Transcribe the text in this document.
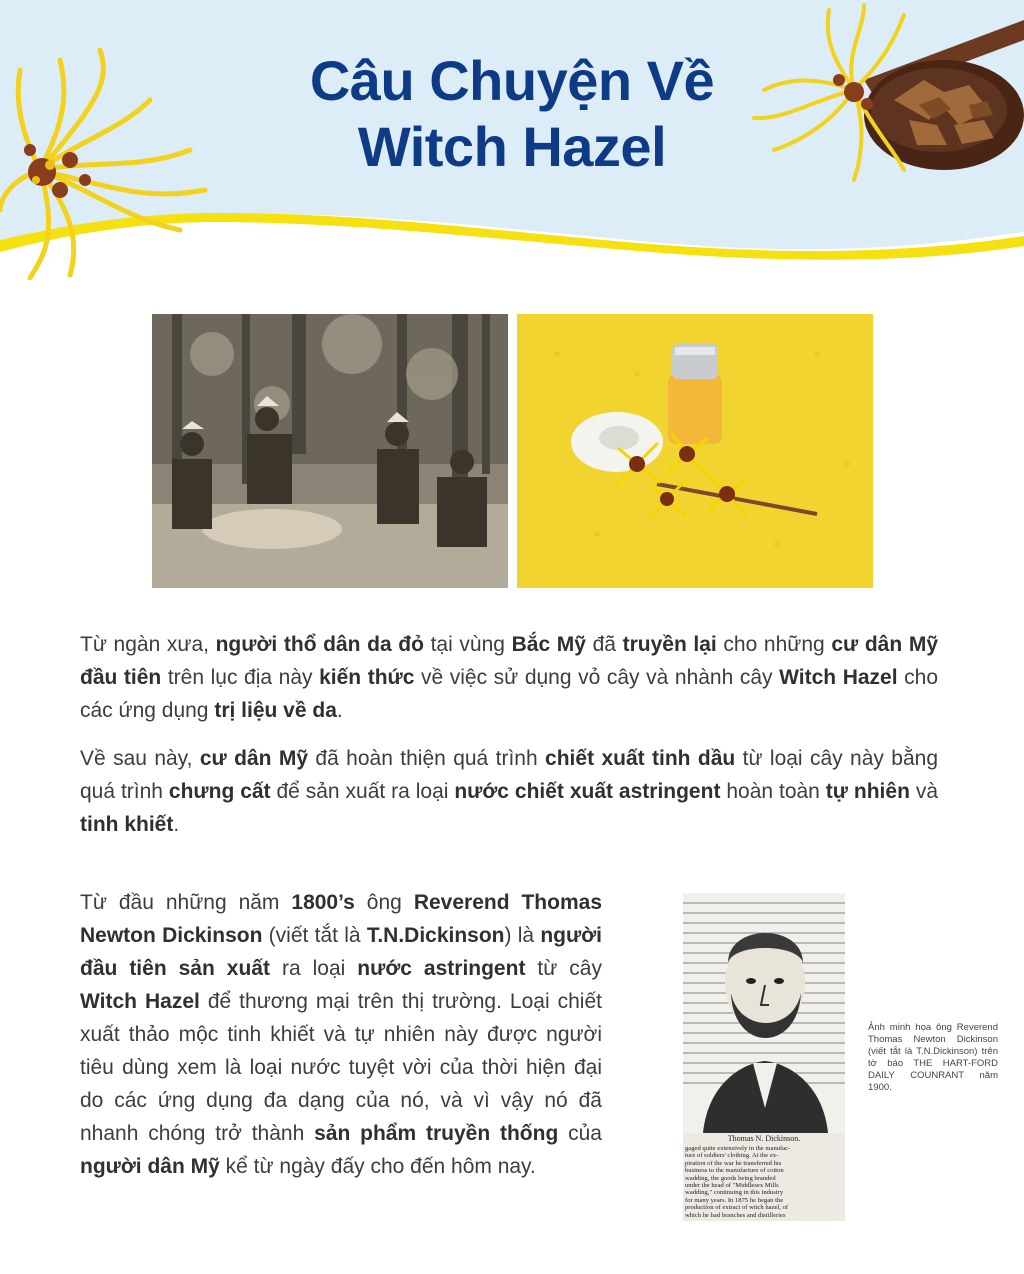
Câu Chuyện Về
Witch Hazel

Từ ngàn xưa, người thổ dân da đỏ tại vùng Bắc Mỹ đã truyền lại cho những cư dân Mỹ đầu tiên trên lục địa này kiến thức về việc sử dụng vỏ cây và nhành cây Witch Hazel cho các ứng dụng trị liệu về da.

Về sau này, cư dân Mỹ đã hoàn thiện quá trình chiết xuất tinh dầu từ loại cây này bằng quá trình chưng cất để sản xuất ra loại nước chiết xuất astringent hoàn toàn tự nhiên và tinh khiết.

Từ đầu những năm 1800’s ông Reverend Thomas Newton Dickinson (viết tắt là T.N.Dickinson) là người đầu tiên sản xuất ra loại nước astringent từ cây Witch Hazel để thương mại trên thị trường. Loại chiết xuất thảo mộc tinh khiết và tự nhiên này được người tiêu dùng xem là loại nước tuyệt vời của thời hiện đại do các ứng dụng đa dạng của nó, và vì vậy nó đã nhanh chóng trở thành sản phẩm truyền thống của người dân Mỹ kể từ ngày đấy cho đến hôm nay.

Thomas N. Dickinson.
gaged quite extensively in the manufac-
ture of soldiers' clothing. At the ex-
piration of the war he transferred his
business to the manufacture of cotton
wadding, the goods being branded
under the head of "Middlesex Mills
wadding," continuing in this industry
for many years. In 1875 he began the
production of extract of witch hazel, of
which he had branches and distilleries
Ảnh minh họa ông Reverend Thomas Newton Dickinson (viết tắt là T.N.Dickinson) trên tờ báo THE HART-FORD DAILY COUNRANT năm 1900.
